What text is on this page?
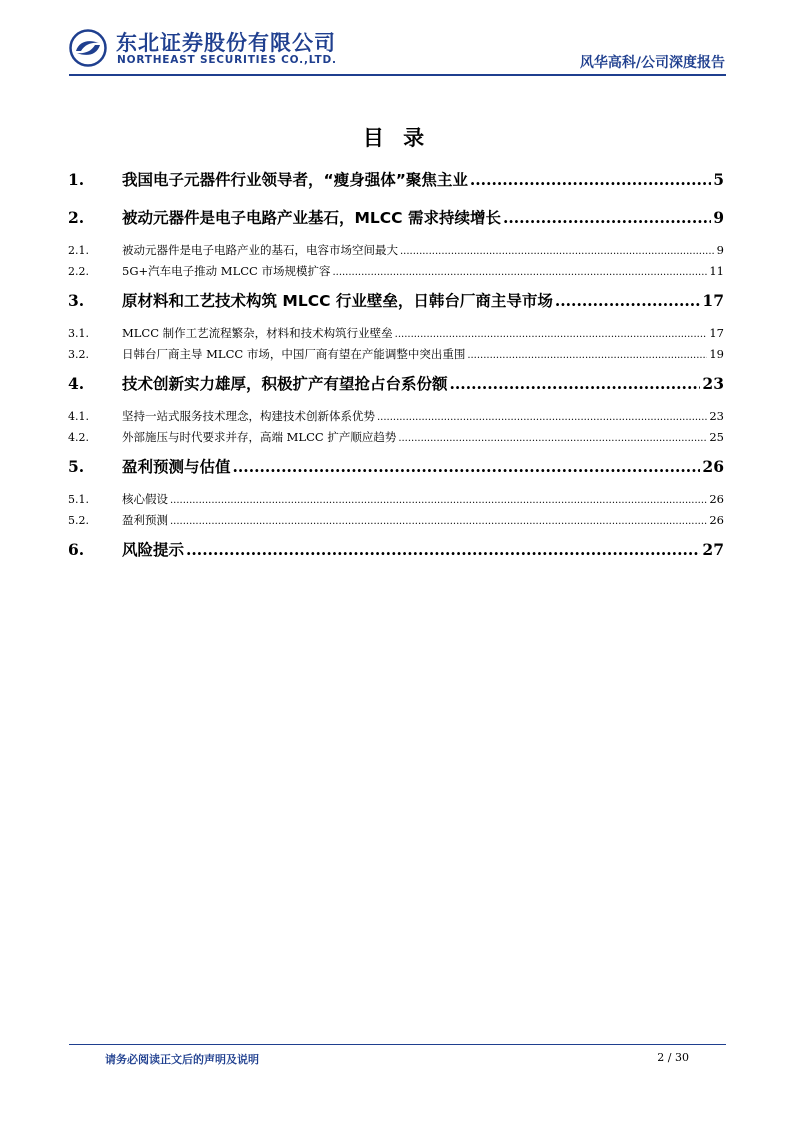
东北证券股份有限公司
NORTHEAST SECURITIES CO.,LTD.	风华高科/公司深度报告
目 录
1.	我国电子元器件行业领导者，“瘦身强体”聚焦主业 .....	5
2.	被动元器件是电子电路产业基石，MLCC 需求持续增长 .....	9
2.1.	被动元器件是电子电路产业的基石，电容市场空间最大 .....	9
2.2.	5G+汽车电子推动 MLCC 市场规模扩容 .....	11
3.	原材料和工艺技术构筑 MLCC 行业壁垒，日韩台厂商主导市场 .....	17
3.1.	MLCC 制作工艺流程繁杂，材料和技术构筑行业壁垒 .....	17
3.2.	日韩台厂商主导 MLCC 市场，中国厂商有望在产能调整中突出重围 .....	19
4.	技术创新实力雄厚，积极扩产有望抢占台系份额 .....	23
4.1.	坚持一站式服务技术理念，构建技术创新体系优势 .....	23
4.2.	外部施压与时代要求并存，高端 MLCC 扩产顺应趋势 .....	25
5.	盈利预测与估值 .....	26
5.1.	核心假设 .....	26
5.2.	盈利预测 .....	26
6.	风险提示 .....	27
请务必阅读正文后的声明及说明	2 / 30
